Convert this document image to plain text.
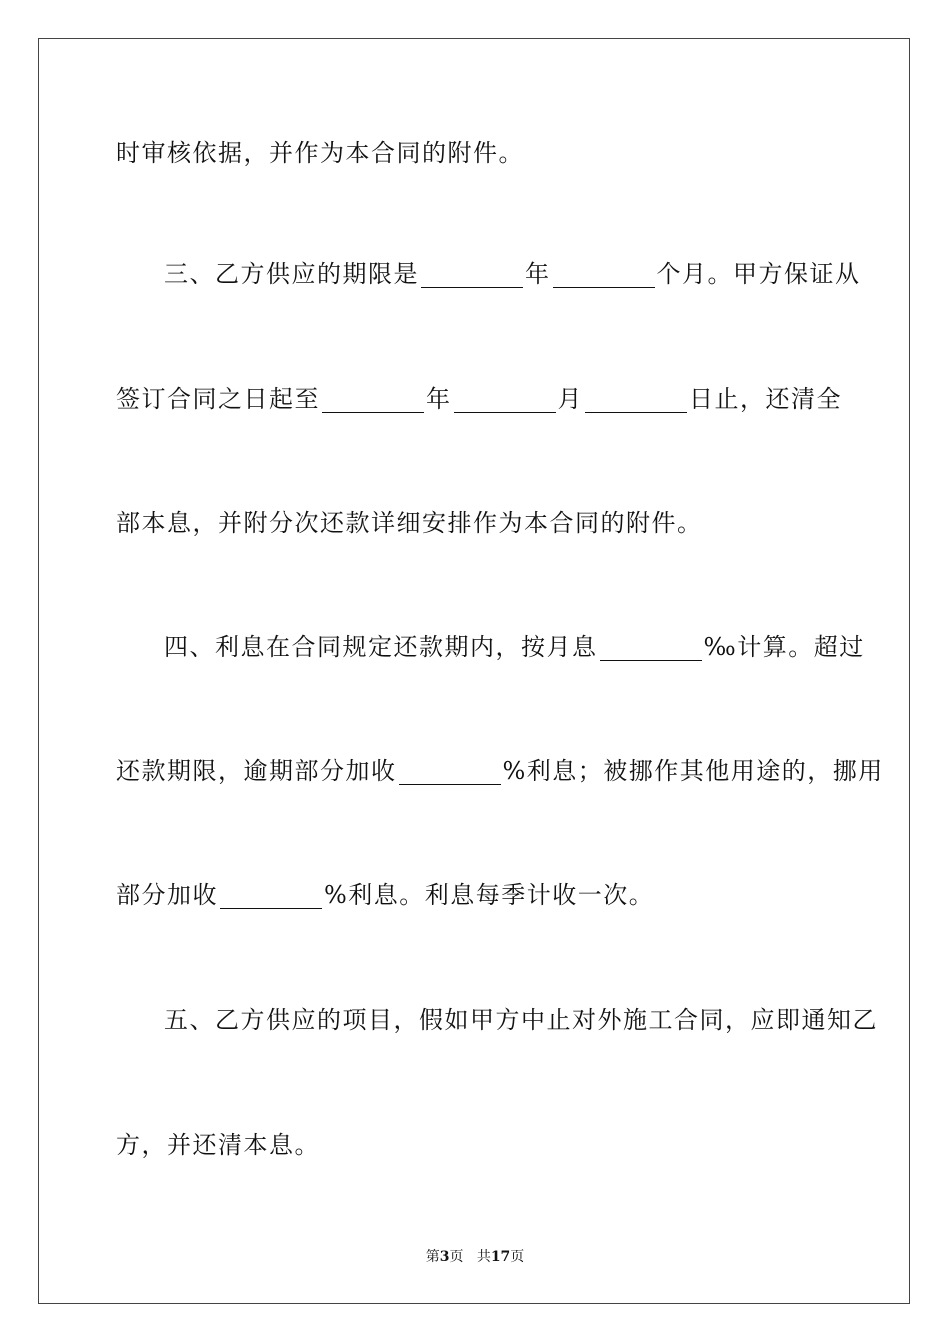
时审核依据，并作为本合同的附件。
三、乙方供应的期限是	年	个月。甲方保证从
签订合同之日起至	年	月	日止，还清全
部本息，并附分次还款详细安排作为本合同的附件。
四、利息在合同规定还款期内，按月息	‰计算。超过
还款期限，逾期部分加收	%利息；被挪作其他用途的，挪用
部分加收	%利息。利息每季计收一次。
五、乙方供应的项目，假如甲方中止对外施工合同，应即通知乙
方，并还清本息。
第3页 共17页
